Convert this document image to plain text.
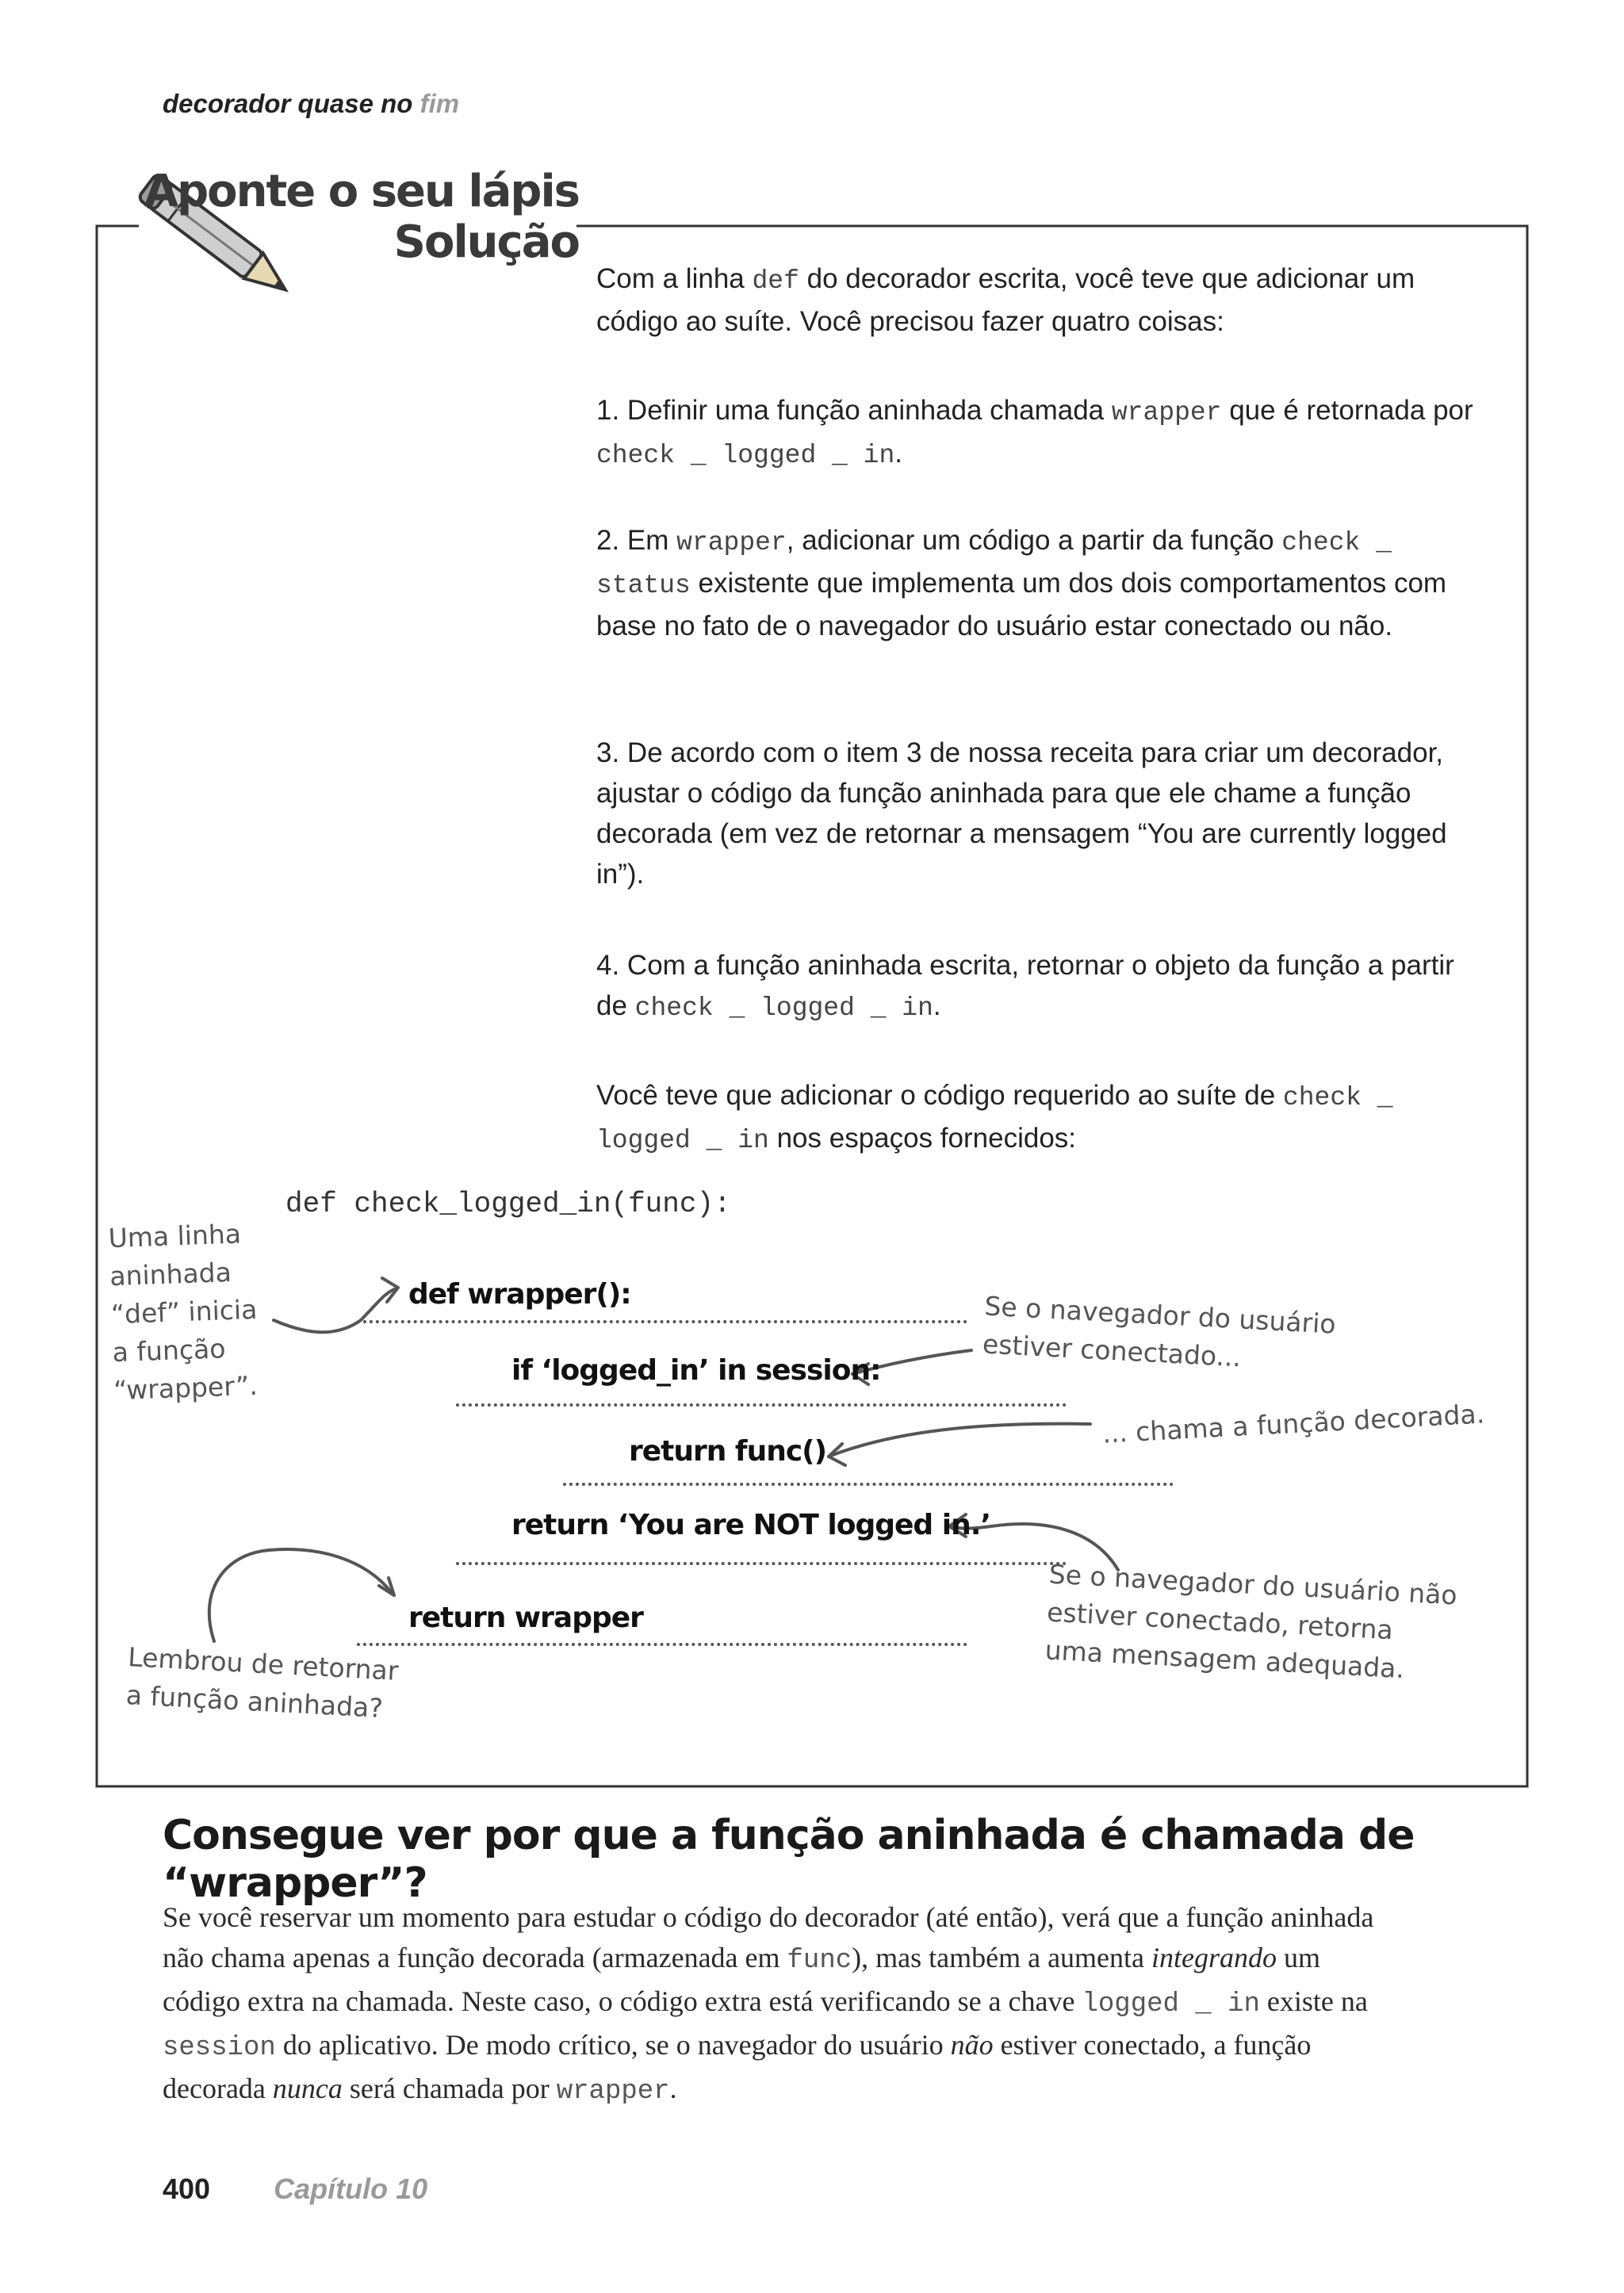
decorador quase no fim
Aponte o seu lápis
Solução

Com a linha def do decorador escrita, você teve que adicionar um código ao suíte. Você precisou fazer quatro coisas:

1. Definir uma função aninhada chamada wrapper que é retornada por check _ logged _ in.

2. Em wrapper, adicionar um código a partir da função check _ status existente que implementa um dos dois comportamentos com base no fato de o navegador do usuário estar conectado ou não.

3. De acordo com o item 3 de nossa receita para criar um decorador, ajustar o código da função aninhada para que ele chame a função decorada (em vez de retornar a mensagem “You are currently logged in”).

4. Com a função aninhada escrita, retornar o objeto da função a partir de check _ logged _ in.

Você teve que adicionar o código requerido ao suíte de check _ logged _ in nos espaços fornecidos:

def check_logged_in(func):
def wrapper():
if ‘logged_in’ in session:
return func()
return ‘You are NOT logged in.’
return wrapper
Uma linha
aninhada
“def” inicia
a função
“wrapper”.
Se o navegador do usuário
estiver conectado...
... chama a função decorada.
Se o navegador do usuário não
estiver conectado, retorna
uma mensagem adequada.
Lembrou de retornar
a função aninhada?
Consegue ver por que a função aninhada é chamada de “wrapper”?

Se você reservar um momento para estudar o código do decorador (até então), verá que a função aninhada não chama apenas a função decorada (armazenada em func), mas também a aumenta integrando um código extra na chamada. Neste caso, o código extra está verificando se a chave logged _ in existe na session do aplicativo. De modo crítico, se o navegador do usuário não estiver conectado, a função decorada nunca será chamada por wrapper.

400 Capítulo 10
